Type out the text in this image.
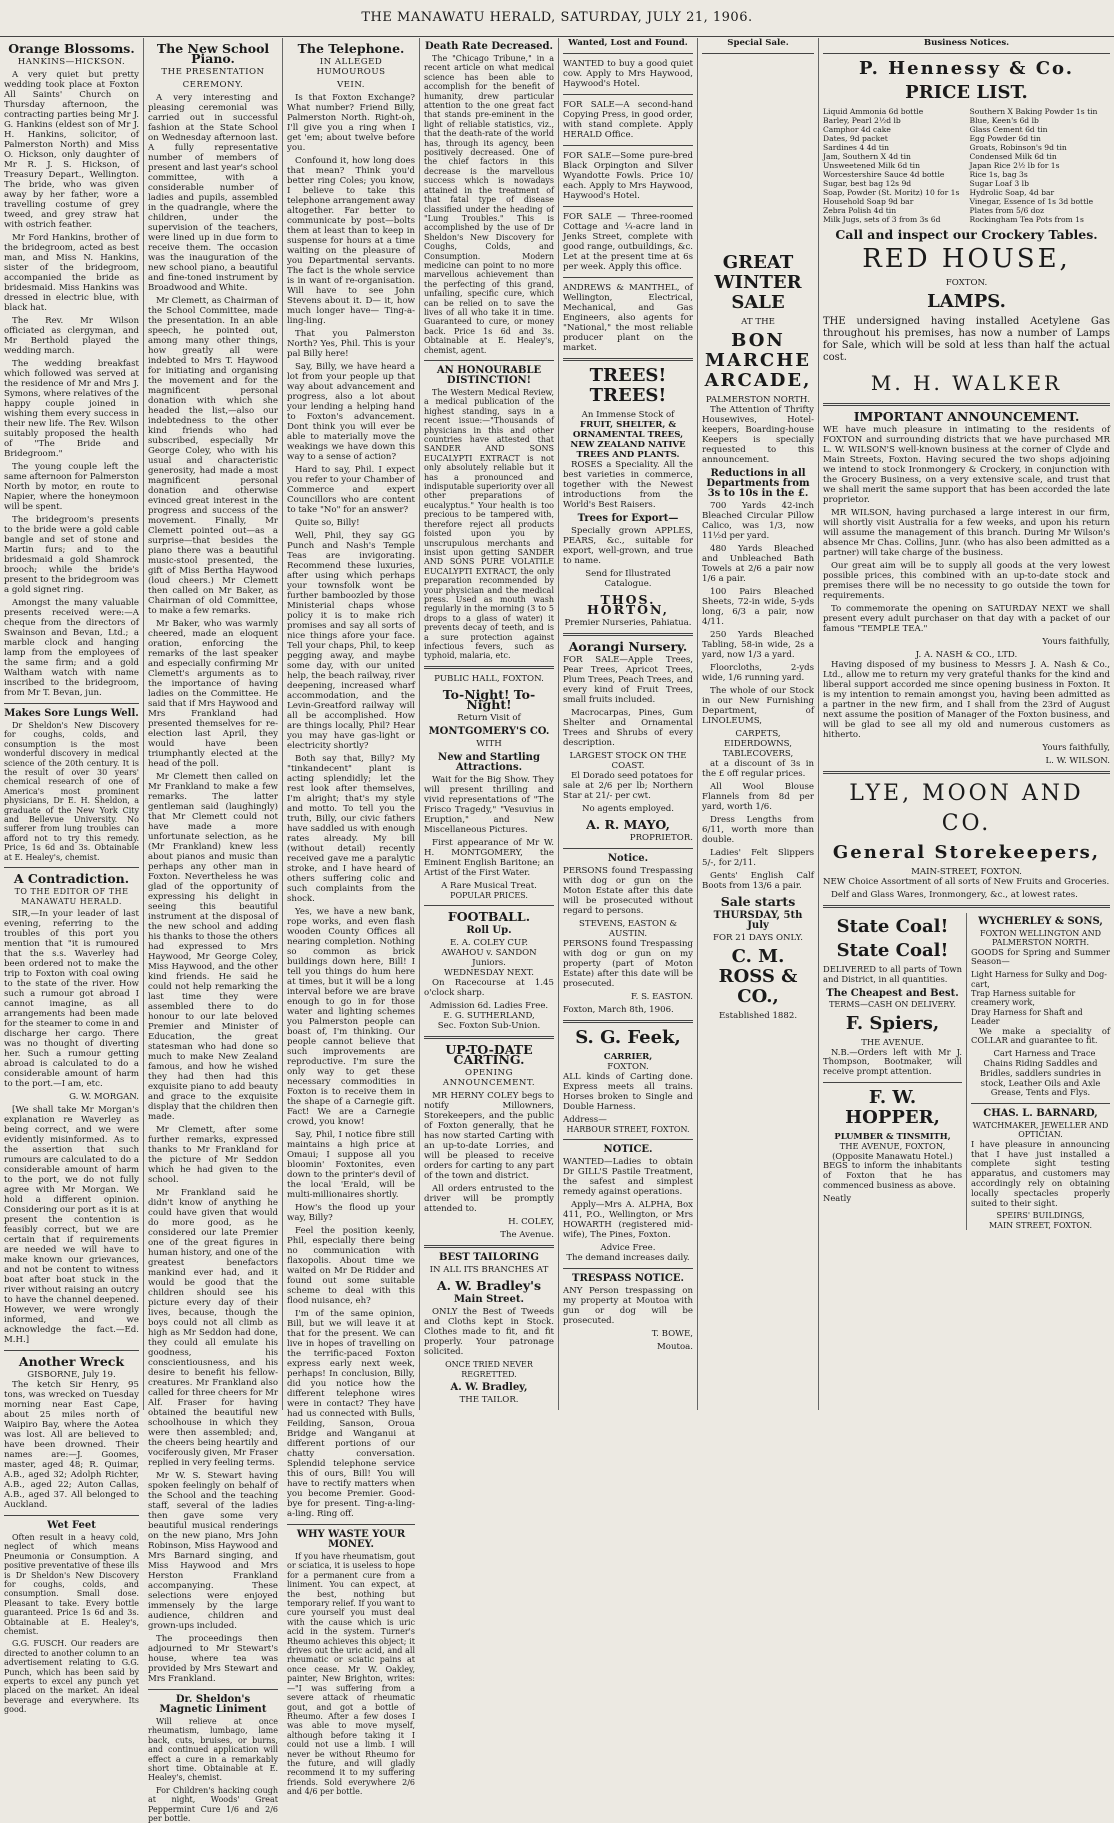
THE MANAWATU HERALD, SATURDAY, JULY 21, 1906.
Orange Blossoms.
HANKINS—HICKSON.

A very quiet but pretty wedding took place at Foxton All Saints' Church on Thursday afternoon, the contracting parties being Mr J. G. Hankins (eldest son of Mr J. H. Hankins, solicitor, of Palmerston North) and Miss O. Hickson, only daughter of Mr R. J. S. Hickson, of Treasury Depart., Wellington. The bride, who was given away by her father, wore a travelling costume of grey tweed, and grey straw hat with ostrich feather.

Mr Ford Hankins, brother of the bridegroom, acted as best man, and Miss N. Hankins, sister of the bridegroom, accompanied the bride as bridesmaid. Miss Hankins was dressed in electric blue, with black hat.

The Rev. Mr Wilson officiated as clergyman, and Mr Berthold played the wedding march.

The wedding breakfast which followed was served at the residence of Mr and Mrs J. Symons, where relatives of the happy couple joined in wishing them every success in their new life. The Rev. Wilson suitably proposed the health of "The Bride and Bridegroom."

The young couple left the same afternoon for Palmerston North by motor, en route to Napier, where the honeymoon will be spent.

The bridegroom's presents to the bride were a gold cable bangle and set of stone and Martin furs; and to the bridesmaid a gold Shamrock brooch; while the bride's present to the bridegroom was a gold signet ring.

Amongst the many valuable presents received were:—A cheque from the directors of Swainson and Bevan, Ltd.; a marble clock and hanging lamp from the employees of the same firm; and a gold Waltham watch with name inscribed to the bridegroom, from Mr T. Bevan, jun.

Makes Sore Lungs Well.

Dr Sheldon's New Discovery for coughs, colds, and consumption is the most wonderful discovery in medical science of the 20th century. It is the result of over 30 years' chemical research of one of America's most prominent physicians, Dr E. H. Sheldon, a graduate of the New York City and Bellevue University. No sufferer from lung troubles can afford not to try this remedy. Price, 1s 6d and 3s. Obtainable at E. Healey's, chemist.

A Contradiction.
TO THE EDITOR OF THE MANAWATU HERALD.

SIR,—In your leader of last evening, referring to the troubles of this port you mention that "it is rumoured that the s.s. Waverley had been ordered not to make the trip to Foxton with coal owing to the state of the river. How such a rumour got abroad I cannot imagine, as all arrangements had been made for the steamer to come in and discharge her cargo. There was no thought of diverting her. Such a rumour getting abroad is calculated to do a considerable amount of harm to the port.—I am, etc.

G. W. MORGAN.

[We shall take Mr Morgan's explanation re Waverley as being correct, and we were evidently misinformed. As to the assertion that such rumours are calculated to do a considerable amount of harm to the port, we do not fully agree with Mr Morgan. We hold a different opinion. Considering our port as it is at present the contention is feasibly correct, but we are certain that if requirements are needed we will have to make known our grievances, and not be content to witness boat after boat stuck in the river without raising an outcry to have the channel deepened. However, we were wrongly informed, and we acknowledge the fact.—Ed. M.H.]

Another Wreck
GISBORNE, July 19.

The ketch Sir Henry, 95 tons, was wrecked on Tuesday morning near East Cape, about 25 miles north of Waipiro Bay, where the Aotea was lost. All are believed to have been drowned. Their names are:—J. Goomes, master, aged 48; R. Quimar, A.B., aged 32; Adolph Richter, A.B., aged 22; Auton Callas, A.B., aged 37. All belonged to Auckland.

Wet Feet

Often result in a heavy cold, neglect of which means Pneumonia or Consumption. A positive preventative of these ills is Dr Sheldon's New Discovery for coughs, colds, and consumption. Small dose. Pleasant to take. Every bottle guaranteed. Price 1s 6d and 3s. Obtainable at E. Healey's, chemist.

G.G. FUSCH. Our readers are directed to another column to an advertisement relating to G.G. Punch, which has been said by experts to excel any punch yet placed on the market. An ideal beverage and everywhere. Its good.

The New School Piano.
THE PRESENTATION
CEREMONY.

A very interesting and pleasing ceremonial was carried out in successful fashion at the State School on Wednesday afternoon last. A fully representative number of members of present and last year's school committee, with a considerable number of ladies and pupils, assembled in the quadrangle, where the children, under the supervision of the teachers, were lined up in due form to receive them. The occasion was the inauguration of the new school piano, a beautiful and fine-toned instrument by Broadwood and White.

Mr Clemett, as Chairman of the School Committee, made the presentation. In an able speech, he pointed out, among many other things, how greatly all were indebted to Mrs T. Haywood for initiating and organising the movement and for the magnificent personal donation with which she headed the list,—also our indebtedness to the other kind friends who had subscribed, especially Mr George Coley, who with his usual and characteristic generosity, had made a most magnificent personal donation and otherwise evinced great interest in the progress and success of the movement. Finally, Mr Clemett pointed out—as a surprise—that besides the piano there was a beautiful music-stool presented, the gift of Miss Bertha Haywood (loud cheers.) Mr Clemett then called on Mr Baker, as Chairman of old Committee, to make a few remarks.

Mr Baker, who was warmly cheered, made an eloquent oration, enforcing the remarks of the last speaker and especially confirming Mr Clemett's arguments as to the importance of having ladies on the Committee. He said that if Mrs Haywood and Mrs Frankland had presented themselves for re-election last April, they would have been triumphantly elected at the head of the poll.

Mr Clemett then called on Mr Frankland to make a few remarks. The latter gentleman said (laughingly) that Mr Clemett could not have made a more unfortunate selection, as he (Mr Frankland) knew less about pianos and music than perhaps any other man in Foxton. Nevertheless he was glad of the opportunity of expressing his delight in seeing this beautiful instrument at the disposal of the new school and adding his thanks to those the others had expressed to Mrs Haywood, Mr George Coley, Miss Haywood, and the other kind friends. He said he could not help remarking the last time they were assembled there to do honour to our late beloved Premier and Minister of Education, the great statesman who had done so much to make New Zealand famous, and how he wished they had then had this exquisite piano to add beauty and grace to the exquisite display that the children then made.

Mr Clemett, after some further remarks, expressed thanks to Mr Frankland for the picture of Mr Seddon which he had given to the school.

Mr Frankland said he didn't know of anything he could have given that would do more good, as he considered our late Premier one of the great figures in human history, and one of the greatest benefactors mankind ever had, and it would be good that the children should see his picture every day of their lives, because, though the boys could not all climb as high as Mr Seddon had done, they could all emulate his goodness, his conscientiousness, and his desire to benefit his fellow-creatures. Mr Frankland also called for three cheers for Mr Alf. Fraser for having obtained the beautiful new schoolhouse in which they were then assembled; and, the cheers being heartily and vociferously given, Mr Fraser replied in very feeling terms.

Mr W. S. Stewart having spoken feelingly on behalf of the School and the teaching staff, several of the ladies then gave some very beautiful musical renderings on the new piano, Mrs John Robinson, Miss Haywood and Mrs Barnard singing, and Miss Haywood and Mrs Herston Frankland accompanying. These selections were enjoyed immensely by the large audience, children and grown-ups included.

The proceedings then adjourned to Mr Stewart's house, where tea was provided by Mrs Stewart and Mrs Frankland.

Dr. Sheldon's Magnetic Liniment

Will relieve at once rheumatism, lumbago, lame back, cuts, bruises, or burns, and continued application will effect a cure in a remarkably short time. Obtainable at E. Healey's, chemist.

For Children's hacking cough at night, Woods' Great Peppermint Cure 1/6 and 2/6 per bottle.

The Telephone.
IN ALLEGED HUMOUROUS
VEIN.

Is that Foxton Exchange? What number? Friend Billy, Palmerston North. Right-oh, I'll give you a ring when I get 'em; about twelve before you.

Confound it, how long does that mean? Think you'd better ring Coles; you know, I believe to take this telephone arrangement away altogether. Far better to communicate by post—bolts them at least than to keep in suspense for hours at a time waiting on the pleasure of you Departmental servants. The fact is the whole service is in want of re-organisation. Will have to see John Stevens about it. D— it, how much longer have— Ting-a-ling-ling.

That you Palmerston North? Yes, Phil. This is your pal Billy here!

Say, Billy, we have heard a lot from your people up that way about advancement and progress, also a lot about your lending a helping hand to Foxton's advancement. Dont think you will ever be able to materially move the weakings we have down this way to a sense of action?

Hard to say, Phil. I expect you refer to your Chamber of Commerce and expert Councillors who are content to take "No" for an answer?

Quite so, Billy!

Well, Phil, they say GG Punch and Nash's Temple Teas are invigorating. Recommend these luxuries, after using which perhaps your townsfolk wont be further bamboozled by those Ministerial chaps whose policy it is to make rich promises and say all sorts of nice things afore your face. Tell your chaps, Phil, to keep pegging away, and maybe some day, with our united help, the beach railway, river deepening, increased wharf accommodation, and the Levin-Greatford railway will all be accomplished. How are things locally, Phil? Hear you may have gas-light or electricity shortly?

Both say that, Billy? My "tinkandecent" plant is acting splendidly; let the rest look after themselves, I'm alright; that's my style and motto. To tell you the truth, Billy, our civic fathers have saddled us with enough rates already. My bill (without detail) recently received gave me a paralytic stroke, and I have heard of others suffering colic and such complaints from the shock.

Yes, we have a new bank, rope works, and even flash wooden County Offices all nearing completion. Nothing so common as brick buildings down here, Bill! I tell you things do hum here at times, but it will be a long interval before we are brave enough to go in for those water and lighting schemes you Palmerston people can boast of, I'm thinking. Our people cannot believe that such improvements are reproductive. I'm sure the only way to get these necessary commodities in Foxton is to receive them in the shape of a Carnegie gift. Fact! We are a Carnegie crowd, you know!

Say, Phil, I notice fibre still maintains a high price at Omaui; I suppose all you bloomin' Foxtonites, even down to the printer's devil of the local 'Erald, will be multi-millionaires shortly.

How's the flood up your way, Billy?

Feel the position keenly, Phil, especially there being no communication with flaxopolis. About time we waited on Mr De Ridder and found out some suitable scheme to deal with this flood nuisance, eh?

I'm of the same opinion, Bill, but we will leave it at that for the present. We can live in hopes of travelling on the terrific-paced Foxton express early next week, perhaps! In conclusion, Billy, did you notice how the different telephone wires were in contact? They have had us connected with Bulls, Feilding, Sanson, Oroua Bridge and Wanganui at different portions of our chatty conversation. Splendid telephone service this of ours, Bill! You will have to rectify matters when you become Premier. Good-bye for present. Ting-a-ling-a-ling. Ring off.

WHY WASTE YOUR MONEY.

If you have rheumatism, gout or sciatica, it is useless to hope for a permanent cure from a liniment. You can expect, at the best, nothing but temporary relief. If you want to cure yourself you must deal with the cause which is uric acid in the system. Turner's Rheumo achieves this object; it drives out the uric acid, and all rheumatic or sciatic pains at once cease. Mr W. Oakley, painter, New Brighton, writes:—"I was suffering from a severe attack of rheumatic gout, and got a bottle of Rheumo. After a few doses I was able to move myself, although before taking it I could not use a limb. I will never be without Rheumo for the future, and will gladly recommend it to my suffering friends. Sold everywhere 2/6 and 4/6 per bottle.

Death Rate Decreased.

The "Chicago Tribune," in a recent article on what medical science has been able to accomplish for the benefit of humanity, drew particular attention to the one great fact that stands pre-eminent in the light of reliable statistics, viz., that the death-rate of the world has, through its agency, been positively decreased. One of the chief factors in this decrease is the marvellous success which is nowadays attained in the treatment of that fatal type of disease classified under the heading of "Lung Troubles." This is accomplished by the use of Dr Sheldon's New Discovery for Coughs, Colds, and Consumption. Modern medicine can point to no more marvellous achievement than the perfecting of this grand, unfailing, specific cure, which can be relied on to save the lives of all who take it in time. Guaranteed to cure, or money back. Price 1s 6d and 3s. Obtainable at E. Healey's, chemist, agent.

AN HONOURABLE DISTINCTION!

The Western Medical Review, a medical publication of the highest standing, says in a recent issue:—"Thousands of physicians in this and other countries have attested that SANDER AND SONS EUCALYPTI EXTRACT is not only absolutely reliable but it has a pronounced and indisputable superiority over all other preparations of eucalyptus." Your health is too precious to be tampered with, therefore reject all products foisted upon you by unscrupulous merchants and insist upon getting SANDER AND SONS PURE VOLATILE EUCALYPTI EXTRACT, the only preparation recommended by your physician and the medical press. Used as mouth wash regularly in the morning (3 to 5 drops to a glass of water) it prevents decay of teeth, and is a sure protection against infectious fevers, such as typhoid, malaria, etc.

PUBLIC HALL, FOXTON.
To-Night! To-Night!
Return Visit of
MONTGOMERY'S CO.
WITH
New and Startling Attractions.

Wait for the Big Show. They will present thrilling and vivid representations of "The Frisco Tragedy," "Vesuvius in Eruption," and New Miscellaneous Pictures.

First appearance of Mr W. H. MONTGOMERY, the Eminent English Baritone; an Artist of the First Water.

A Rare Musical Treat.
POPULAR PRICES.
FOOTBALL.
Roll Up.
E. A. COLEY CUP.
AWAHOU v. SANDON
Juniors.
WEDNESDAY NEXT.

On Racecourse at 1.45 o'clock sharp.

Admission 6d. Ladies Free.
E. G. SUTHERLAND,
Sec. Foxton Sub-Union.
UP-TO-DATE CARTING.
OPENING ANNOUNCEMENT.

MR HERNY COLEY begs to notify Millowners, Storekeepers, and the public of Foxton generally, that he has now started Carting with an up-to-date Lorries, and will be pleased to receive orders for carting to any part of the town and district.

All orders entrusted to the driver will be promptly attended to.

H. COLEY,
The Avenue.
BEST TAILORING
IN ALL ITS BRANCHES AT
A. W. Bradley's
Main Street.

ONLY the Best of Tweeds and Cloths kept in Stock. Clothes made to fit, and fit properly. Your patronage solicited.

ONCE TRIED NEVER REGRETTED.
A. W. Bradley,
THE TAILOR.
Wanted, Lost and Found.

WANTED to buy a good quiet cow. Apply to Mrs Haywood, Haywood's Hotel.

FOR SALE—A second-hand Copying Press, in good order, with stand complete. Apply HERALD Office.

FOR SALE—Some pure-bred Black Orpington and Silver Wyandotte Fowls. Price 10/ each. Apply to Mrs Haywood, Haywood's Hotel.

FOR SALE — Three-roomed Cottage and ¼-acre land in Jenks Street, complete with good range, outbuildings, &c. Let at the present time at 6s per week. Apply this office.

ANDREWS & MANTHEL, of Wellington, Electrical, Mechanical, and Gas Engineers, also agents for "National," the most reliable producer plant on the market.

TREES! TREES!
An Immense Stock of
FRUIT, SHELTER, & ORNAMENTAL TREES, NEW ZEALAND NATIVE TREES AND PLANTS.

ROSES a Speciality. All the best varieties in commerce, together with the Newest introductions from the World's Best Raisers.

Trees for Export—

Specially grown APPLES, PEARS, &c., suitable for export, well-grown, and true to name.

Send for Illustrated Catalogue.
THOS. HORTON,
Premier Nurseries, Pahiatua.
Aorangi Nursery.

FOR SALE—Apple Trees, Pear Trees, Apricot Trees, Plum Trees, Peach Trees, and every kind of Fruit Trees, small fruits included.

Macrocarpas, Pines, Gum Shelter and Ornamental Trees and Shrubs of every description.

LARGEST STOCK ON THE COAST.

El Dorado seed potatoes for sale at 2/6 per lb; Northern Star at 21/- per cwt.

No agents employed.
A. R. MAYO,
PROPRIETOR.
Notice.

PERSONS found Trespassing with dog or gun on the Moton Estate after this date will be prosecuted without regard to persons.

STEVENS, EASTON & AUSTIN.

PERSONS found Trespassing with dog or gun on my property (part of Moton Estate) after this date will be prosecuted.

F. S. EASTON.
Foxton, March 8th, 1906.
S. G. Feek,
CARRIER,
FOXTON.

ALL kinds of Carting done. Express meets all trains. Horses broken to Single and Double Harness.

Address—
HARBOUR STREET, FOXTON.
NOTICE.

WANTED—Ladies to obtain Dr GILL'S Pastile Treatment, the safest and simplest remedy against operations.

Apply—Mrs A. ALPHA, Box 411, P.O., Wellington, or Mrs HOWARTH (registered mid-wife), The Pines, Foxton.

Advice Free.
The demand increases daily.
TRESPASS NOTICE.

ANY Person trespassing on my property at Moutoa with gun or dog will be prosecuted.

T. BOWE,
Moutoa.
Special Sale.
GREAT WINTER SALE
AT THE
BON MARCHE ARCADE,
PALMERSTON NORTH.

The Attention of Thrifty Housewives, Hotel-keepers, Boarding-house Keepers is specially requested to this announcement.

Reductions in all Departments from 3s to 10s in the £.

700 Yards 42-inch Bleached Circular Pillow Calico, was 1/3, now 11½d per yard.

480 Yards Bleached and Unbleached Bath Towels at 2/6 a pair now 1/6 a pair.

100 Pairs Bleached Sheets, 72-in wide, 5-yds long, 6/3 a pair, now 4/11.

250 Yards Bleached Tabling, 58-in wide, 2s a yard, now 1/3 a yard.

Floorcloths, 2-yds wide, 1/6 running yard.

The whole of our Stock in our New Furnishing Department, of LINOLEUMS,

CARPETS,
EIDERDOWNS,
TABLECOVERS,

at a discount of 3s in the £ off regular prices.

All Wool Blouse Flannels from 8d per yard, worth 1/6.

Dress Lengths from 6/11, worth more than double.

Ladies' Felt Slippers 5/-, for 2/11.

Gents' English Calf Boots from 13/6 a pair.

Sale starts
THURSDAY, 5th July
FOR 21 DAYS ONLY.
C. M. ROSS & CO.,
Established 1882.
Business Notices.
P. Hennessy & Co.
PRICE LIST.
Liquid Ammonia 6d bottle
Barley, Pearl 2½d lb
Camphor 4d cake
Dates, 9d packet
Sardines 4 4d tin
Jam, Southern X 4d tin
Unsweetened Milk 6d tin
Worcestershire Sauce 4d bottle
Sugar, best bag 12s 9d
Soap, Powder (St. Moritz) 10 for 1s
Household Soap 9d bar
Zebra Polish 4d tin
Milk Jugs, sets of 3 from 3s 6d
Southern X Baking Powder 1s tin
Blue, Keen's 6d lb
Glass Cement 6d tin
Egg Powder 6d tin
Groats, Robinson's 9d tin
Condensed Milk 6d tin
Japan Rice 2½ lb for 1s
Rice 1s, bag 3s
Sugar Loaf 3 lb
Hydrolic Soap, 4d bar
Vinegar, Essence of 1s 3d bottle
Plates from 5/6 doz
Rockingham Tea Pots from 1s
Call and inspect our Crockery Tables.
RED HOUSE,
FOXTON.
LAMPS.

THE undersigned having installed Acetylene Gas throughout his premises, has now a number of Lamps for Sale, which will be sold at less than half the actual cost.

M. H. WALKER
IMPORTANT ANNOUNCEMENT.

WE have much pleasure in intimating to the residents of FOXTON and surrounding districts that we have purchased MR L. W. WILSON'S well-known business at the corner of Clyde and Main Streets, Foxton. Having secured the two shops adjoining we intend to stock Ironmongery & Crockery, in conjunction with the Grocery Business, on a very extensive scale, and trust that we shall merit the same support that has been accorded the late proprietor.

MR WILSON, having purchased a large interest in our firm, will shortly visit Australia for a few weeks, and upon his return will assume the management of this branch. During Mr Wilson's absence Mr Chas. Collins, Junr. (who has also been admitted as a partner) will take charge of the business.

Our great aim will be to supply all goods at the very lowest possible prices, this combined with an up-to-date stock and premises there will be no necessity to go outside the town for requirements.

To commemorate the opening on SATURDAY NEXT we shall present every adult purchaser on that day with a packet of our famous "TEMPLE TEA."

Yours faithfully,
J. A. NASH & CO., LTD.

Having disposed of my business to Messrs J. A. Nash & Co., Ltd., allow me to return my very grateful thanks for the kind and liberal support accorded me since opening business in Foxton. It is my intention to remain amongst you, having been admitted as a partner in the new firm, and I shall from the 23rd of August next assume the position of Manager of the Foxton business, and will be glad to see all my old and numerous customers as hitherto.

Yours faithfully,
L. W. WILSON.
LYE, MOON AND CO.
General Storekeepers,
MAIN-STREET, FOXTON.

NEW Choice Assortment of all sorts of New Fruits and Groceries.

Delf and Glass Wares, Ironmongery, &c., at lowest rates.

State Coal!
State Coal!

DELIVERED to all parts of Town and District, in all quantities.

The Cheapest and Best.
TERMS—CASH ON DELIVERY.
F. Spiers,
THE AVENUE.

N.B.—Orders left with Mr J. Thompson, Bootmaker, will receive prompt attention.

F. W. HOPPER,
PLUMBER & TINSMITH,
THE AVENUE, FOXTON,
(Opposite Manawatu Hotel.)

BEGS to inform the inhabitants of Foxton that he has commenced business as above.

Neatly
WYCHERLEY & SONS,
FOXTON WELLINGTON AND PALMERSTON NORTH.

GOODS for Spring and Summer Season—

Light Harness for Sulky and Dog-cart,
Trap Harness suitable for creamery work,
Dray Harness for Shaft and Leader

We make a speciality of COLLAR and guarantee to fit.

Cart Harness and Trace Chains Riding Saddles and Bridles, saddlers sundries in stock, Leather Oils and Axle Grease, Tents and Flys.

CHAS. L. BARNARD,
WATCHMAKER, JEWELLER AND OPTICIAN.

I have pleasure in announcing that I have just installed a complete sight testing apparatus, and customers may accordingly rely on obtaining locally spectacles properly suited to their sight.

SPEIRS' BUILDINGS,
MAIN STREET, FOXTON.
